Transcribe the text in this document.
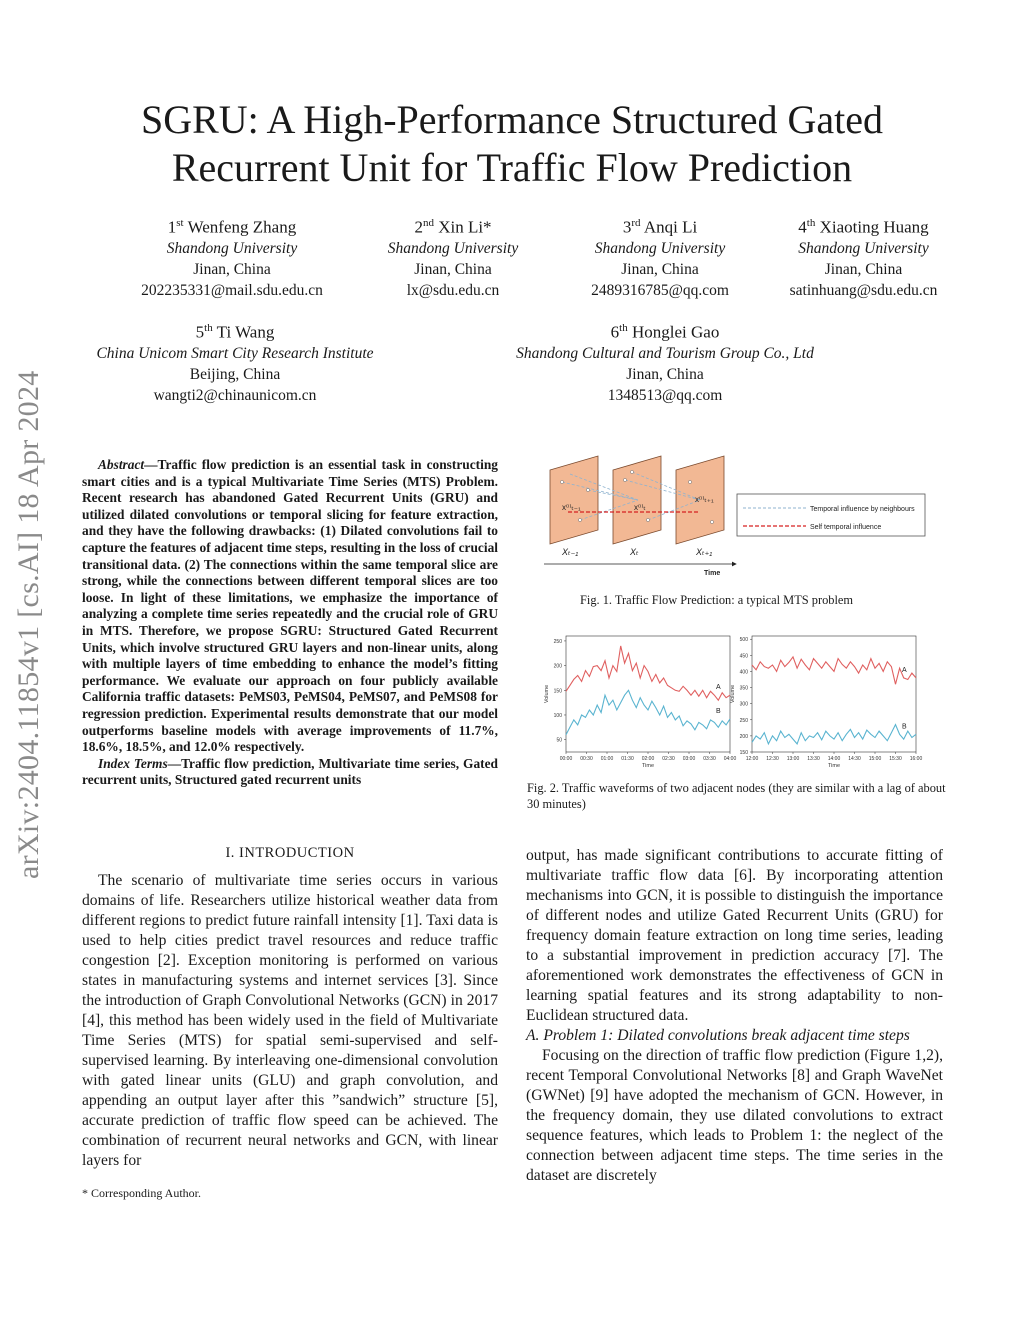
arXiv:2404.11854v1 [cs.AI] 18 Apr 2024
SGRU: A High-Performance Structured Gated
Recurrent Unit for Traffic Flow Prediction
1st Wenfeng Zhang
Shandong University
Jinan, China
202235331@mail.sdu.edu.cn
2nd Xin Li*
Shandong University
Jinan, China
lx@sdu.edu.cn
3rd Anqi Li
Shandong University
Jinan, China
2489316785@qq.com
4th Xiaoting Huang
Shandong University
Jinan, China
satinhuang@sdu.edu.cn
5th Ti Wang
China Unicom Smart City Research Institute
Beijing, China
wangti2@chinaunicom.cn
6th Honglei Gao
Shandong Cultural and Tourism Group Co., Ltd
Jinan, China
1348513@qq.com
Abstract—Traffic flow prediction is an essential task in constructing smart cities and is a typical Multivariate Time Series (MTS) Problem. Recent research has abandoned Gated Recurrent Units (GRU) and utilized dilated convolutions or temporal slicing for feature extraction, and they have the following drawbacks: (1) Dilated convolutions fail to capture the features of adjacent time steps, resulting in the loss of crucial transitional data. (2) The connections within the same temporal slice are strong, while the connections between different temporal slices are too loose. In light of these limitations, we emphasize the importance of analyzing a complete time series repeatedly and the crucial role of GRU in MTS. Therefore, we propose SGRU: Structured Gated Recurrent Units, which involve structured GRU layers and non-linear units, along with multiple layers of time embedding to enhance the model’s fitting performance. We evaluate our approach on four publicly available California traffic datasets: PeMS03, PeMS04, PeMS07, and PeMS08 for regression prediction. Experimental results demonstrate that our model outperforms baseline models with average improvements of 11.7%, 18.6%, 18.5%, and 12.0% respectively.
Index Terms—Traffic flow prediction, Multivariate time series, Gated recurrent units, Structured gated recurrent units
I. INTRODUCTION

The scenario of multivariate time series occurs in various domains of life. Researchers utilize historical weather data from different regions to predict future rainfall intensity [1]. Taxi data is used to help cities predict travel resources and reduce traffic congestion [2]. Exception monitoring is performed on various states in manufacturing systems and internet services [3]. Since the introduction of Graph Convolutional Networks (GCN) in 2017 [4], this method has been widely used in the field of Multivariate Time Series (MTS) for spatial semi-supervised and self-supervised learning. By interleaving one-dimensional convolution with gated linear units (GLU) and graph convolution, and appending an output layer after this ”sandwich” structure [5], accurate prediction of traffic flow speed can be achieved. The combination of recurrent neural networks and GCN, with linear layers for

* Corresponding Author.

output, has made significant contributions to accurate fitting of multivariate traffic flow data [6]. By incorporating attention mechanisms into GCN, it is possible to distinguish the importance of different nodes and utilize Gated Recurrent Units (GRU) for frequency domain feature extraction on long time series, leading to a substantial improvement in prediction accuracy [7]. The aforementioned work demonstrates the effectiveness of GCN in learning spatial features and its strong adaptability to non-Euclidean structured data.

A. Problem 1: Dilated convolutions break adjacent time steps

Focusing on the direction of traffic flow prediction (Figure 1,2), recent Temporal Convolutional Networks [8] and Graph WaveNet (GWNet) [9] have adopted the mechanism of GCN. However, in the frequency domain, they use dilated convolutions to extract sequence features, which leads to Problem 1: the neglect of the connection between adjacent time steps. The time series in the dataset are discretely

x⁽ⁱ⁾ₜ₋₁	x⁽ⁱ⁾ₜ
x⁽ⁱ⁾ₜ₊₁
Xₜ₋₁	Xₜ	Xₜ₊₁
Time
Temporal influence by neighbours
Self temporal influence
Fig. 1. Traffic Flow Prediction: a typical MTS problem
50
100
150
200
250
00:00 00:30 01:00 01:30 02:00 02:30 03:00 03:30 04:00
Time
Volume	A
B
150
200
250
300
350
400
450
500
12:00 12:30 13:00 13:30 14:00 14:30 15:00 15:30 16:00
Time
Volume
A
B
Fig. 2. Traffic waveforms of two adjacent nodes (they are similar with a lag of about 30 minutes)
